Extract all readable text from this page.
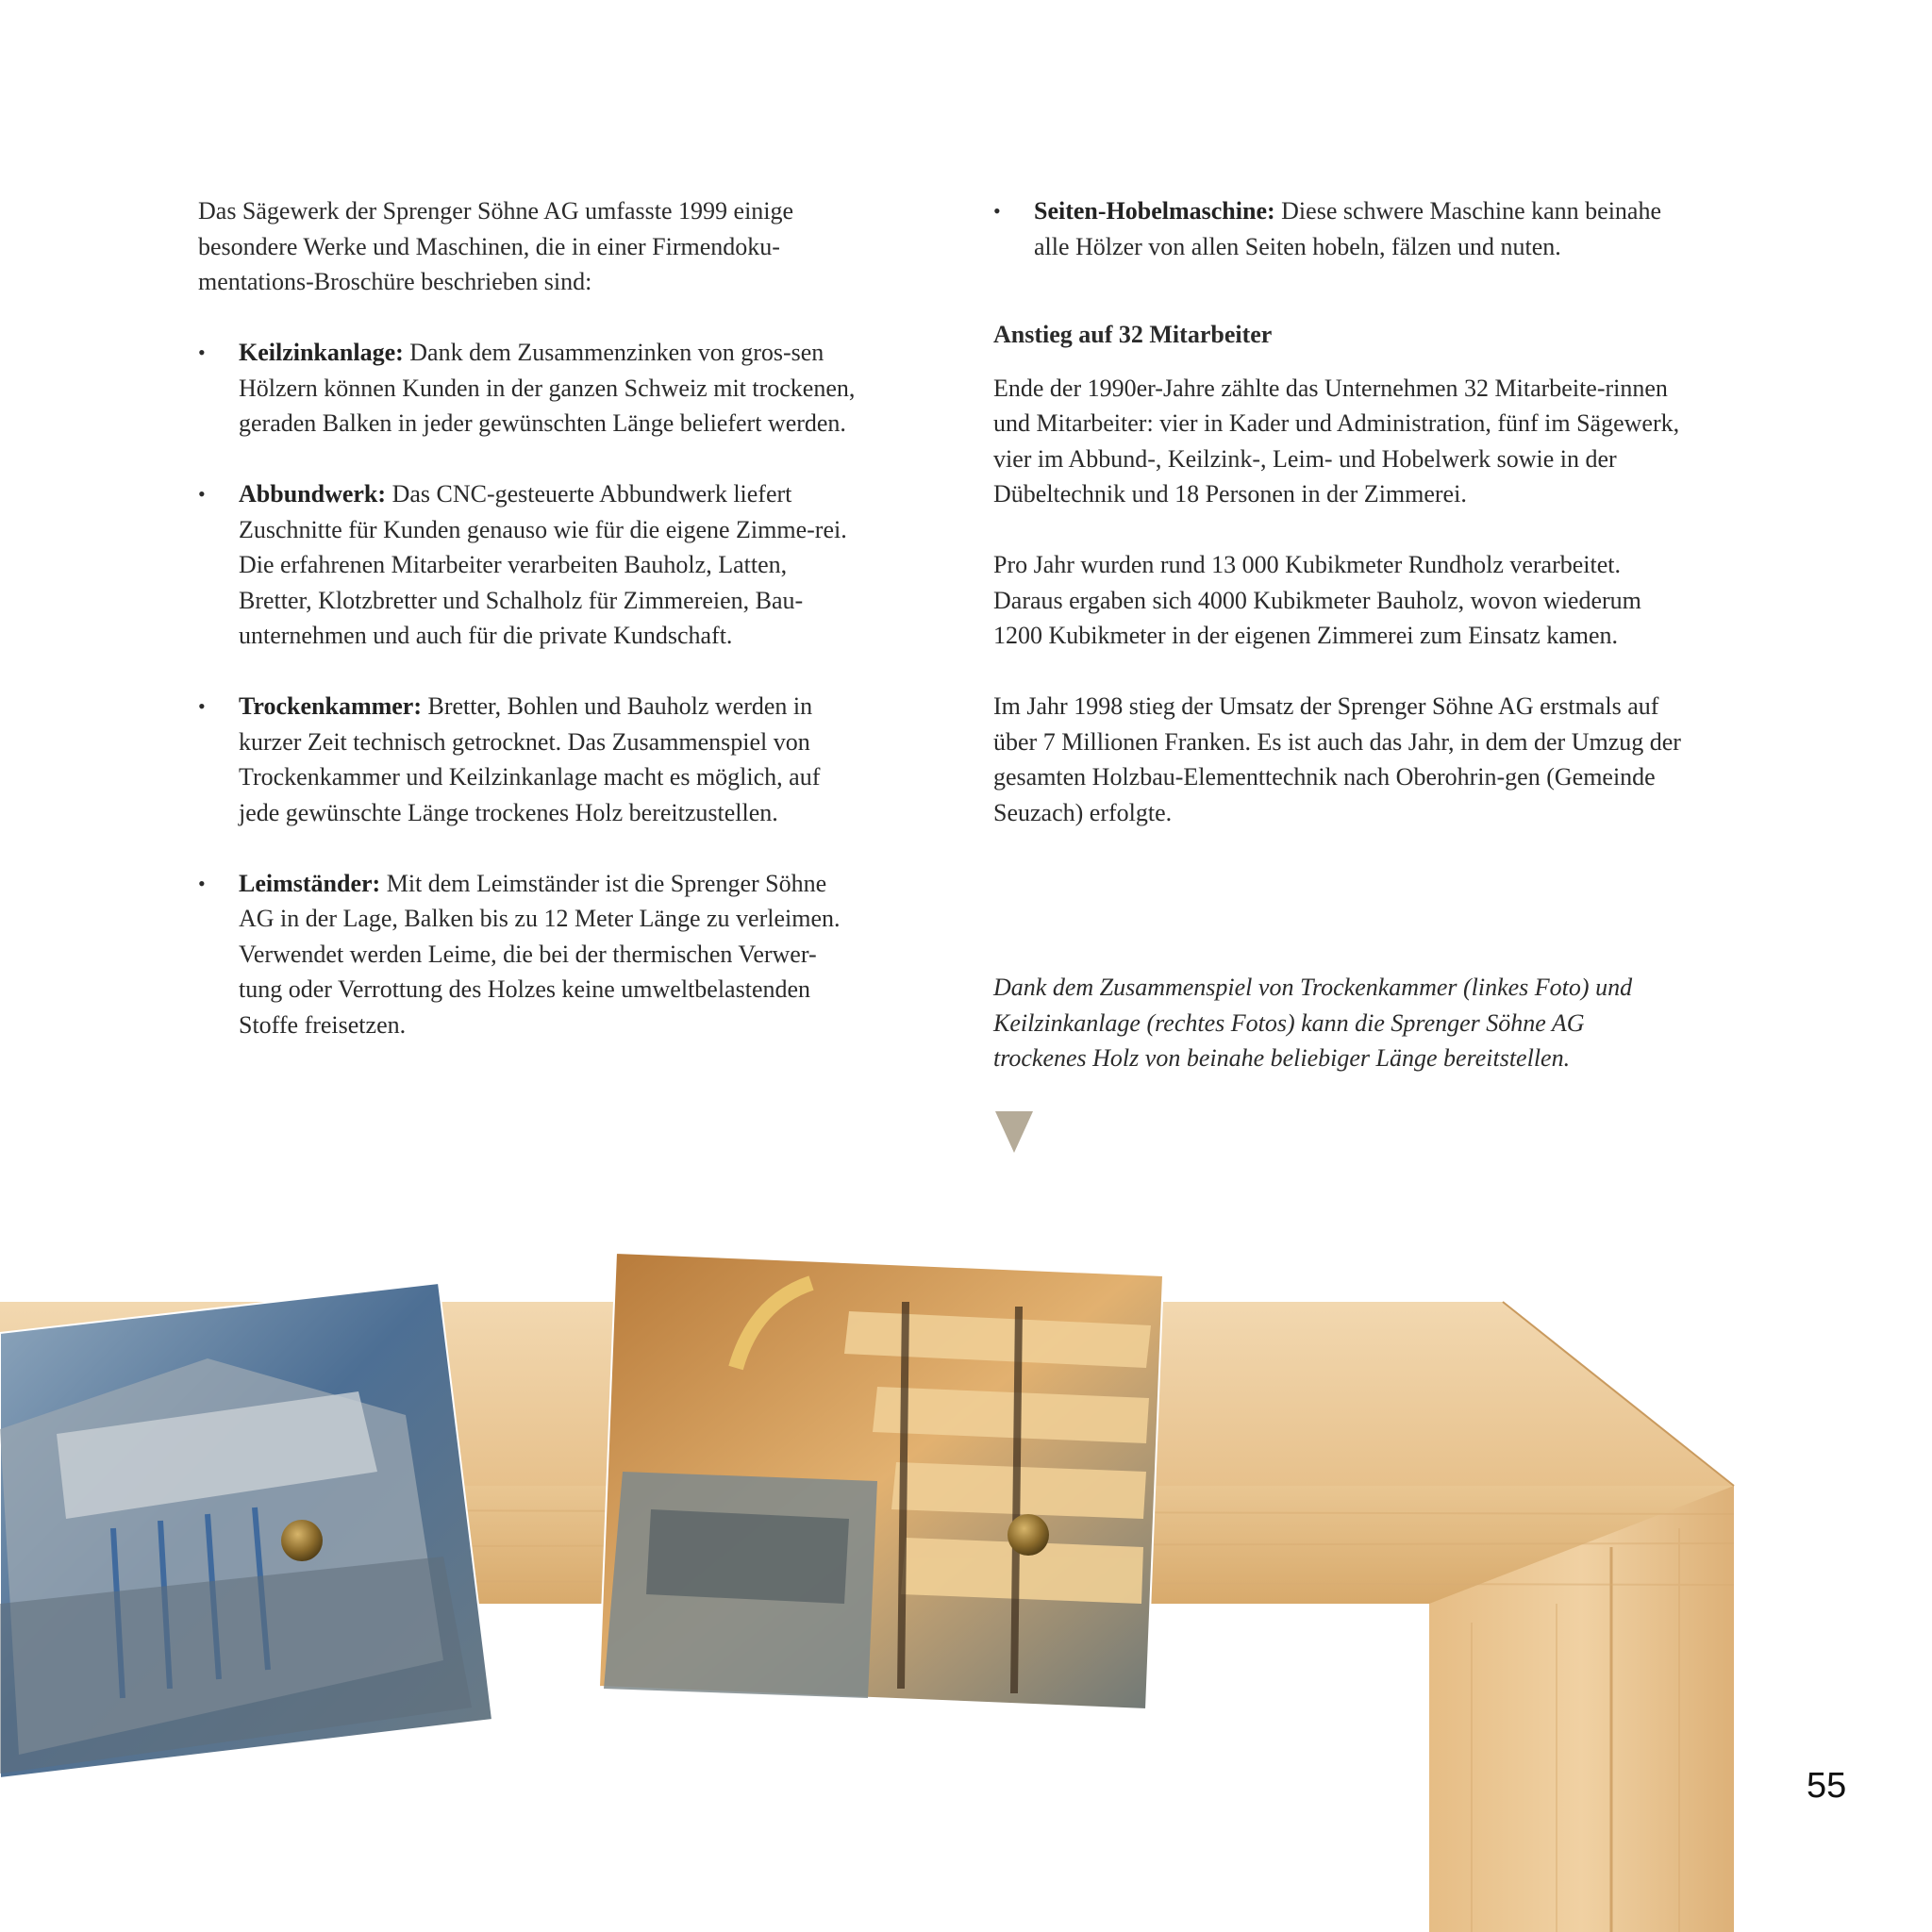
Das Sägewerk der Sprenger Söhne AG umfasste 1999 einige besondere Werke und Maschinen, die in einer Firmendoku-mentations-Broschüre beschrieben sind:

• Keilzinkanlage: Dank dem Zusammenzinken von gros-sen Hölzern können Kunden in der ganzen Schweiz mit trockenen, geraden Balken in jeder gewünschten Länge beliefert werden.
• Abbundwerk: Das CNC-gesteuerte Abbundwerk liefert Zuschnitte für Kunden genauso wie für die eigene Zimme-rei. Die erfahrenen Mitarbeiter verarbeiten Bauholz, Latten, Bretter, Klotzbretter und Schalholz für Zimmereien, Bau-unternehmen und auch für die private Kundschaft.
• Trockenkammer: Bretter, Bohlen und Bauholz werden in kurzer Zeit technisch getrocknet. Das Zusammenspiel von Trockenkammer und Keilzinkanlage macht es möglich, auf jede gewünschte Länge trockenes Holz bereitzustellen.
• Leimständer: Mit dem Leimständer ist die Sprenger Söhne AG in der Lage, Balken bis zu 12 Meter Länge zu verleimen. Verwendet werden Leime, die bei der thermischen Verwer-tung oder Verrottung des Holzes keine umweltbelastenden Stoffe freisetzen.
• Seiten-Hobelmaschine: Diese schwere Maschine kann beinahe alle Hölzer von allen Seiten hobeln, fälzen und nuten.

Anstieg auf 32 Mitarbeiter

Ende der 1990er-Jahre zählte das Unternehmen 32 Mitarbeite-rinnen und Mitarbeiter: vier in Kader und Administration, fünf im Sägewerk, vier im Abbund-, Keilzink-, Leim- und Hobelwerk sowie in der Dübeltechnik und 18 Personen in der Zimmerei.

Pro Jahr wurden rund 13 000 Kubikmeter Rundholz verarbeitet. Daraus ergaben sich 4000 Kubikmeter Bauholz, wovon wiederum 1200 Kubikmeter in der eigenen Zimmerei zum Einsatz kamen.

Im Jahr 1998 stieg der Umsatz der Sprenger Söhne AG erstmals auf über 7 Millionen Franken. Es ist auch das Jahr, in dem der Umzug der gesamten Holzbau-Elementtechnik nach Oberohrin-gen (Gemeinde Seuzach) erfolgte.

Dank dem Zusammenspiel von Trockenkammer (linkes Foto) und Keilzinkanlage (rechtes Fotos) kann die Sprenger Söhne AG trockenes Holz von beinahe beliebiger Länge bereitstellen.

55
